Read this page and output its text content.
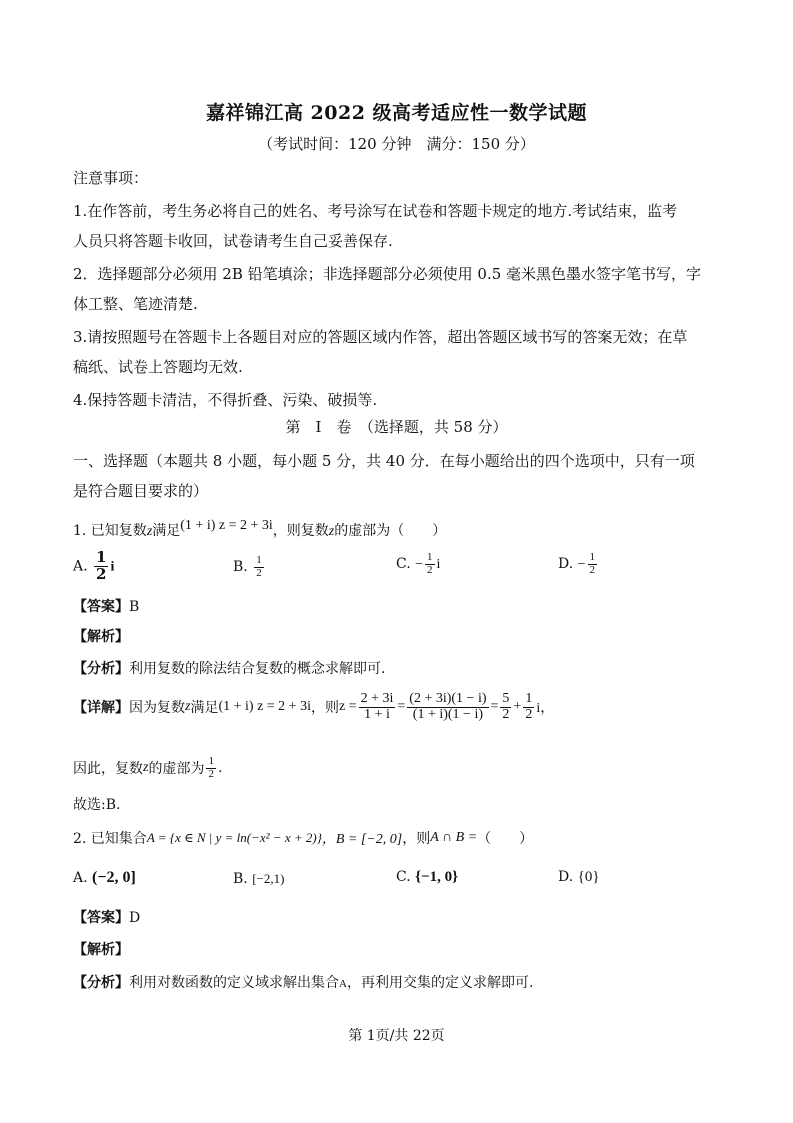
嘉祥锦江高 2022 级高考适应性一数学试题
（考试时间：120 分钟　满分：150 分）
注意事项：
1.在作答前，考生务必将自己的姓名、考号涂写在试卷和答题卡规定的地方.考试结束，监考
人员只将答题卡收回，试卷请考生自己妥善保存.
2．选择题部分必须用 2B 铅笔填涂；非选择题部分必须使用 0.5 毫米黑色墨水签字笔书写，字
体工整、笔迹清楚.
3.请按照题号在答题卡上各题目对应的答题区域内作答，超出答题区域书写的答案无效；在草
稿纸、试卷上答题均无效.
4.保持答题卡清洁，不得折叠、污染、破损等.
第　Ⅰ　卷　（选择题，共 58 分）
一、选择题（本题共 8 小题，每小题 5 分，共 40 分．在每小题给出的四个选项中，只有一项
是符合题目要求的）
1. 已知复数z满足(1 + i) z = 2 + 3i，则复数z的虚部为（　　）
A. $\frac{1}{2}$ i	B. $\frac{1}{2}$	C. − $\frac{1}{2}$ i	D. − $\frac{1}{2}$
【答案】B
【解析】
【分析】利用复数的除法结合复数的概念求解即可.
【详解】 因为复数 z 满足 (1 + i) z = 2 + 3i ，则 $z = \frac{2 + 3i}{1 + i} = \frac{(2 + 3i)(1 - i)}{(1 + i)(1 - i)} = \frac{5}{2} + \frac{1}{2}$ i，
因此，复数 z 的虚部为 $\frac{1}{2}$ .
故选:B.
2. 已知集合 A = {x ∈ N | y = ln(−x² − x + 2)} ，B = [−2, 0] ，则 A ∩ B = （　　）
A. (−2, 0]	B. [−2,1)	C. {−1, 0}	D. {0}
【答案】D
【解析】
【分析】利用对数函数的定义域求解出集合A，再利用交集的定义求解即可.
第 1页/共 22页
